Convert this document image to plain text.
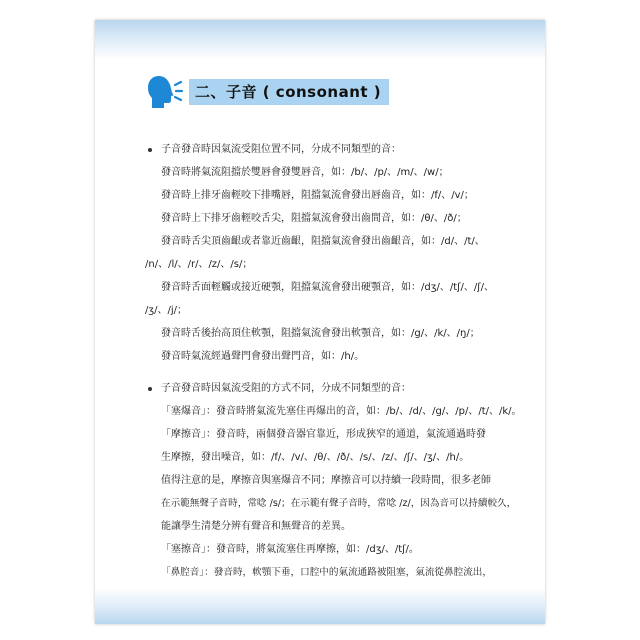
二、子音 ( consonant )
子音發音時因氣流受阻位置不同，分成不同類型的音：
發音時將氣流阻擋於雙唇會發雙唇音，如：/b/、/p/、/m/、/w/；
發音時上排牙齒輕咬下排嘴唇，阻擋氣流會發出唇齒音，如：/f/、/v/；
發音時上下排牙齒輕咬舌尖，阻擋氣流會發出齒間音，如：/θ/、/ð/；
發音時舌尖頂齒齦或者靠近齒齦，阻擋氣流會發出齒齦音，如：/d/、/t/、
/n/、/l/、/r/、/z/、/s/；
發音時舌面輕觸或接近硬顎，阻擋氣流會發出硬顎音，如：/dʒ/、/tʃ/、/ʃ/、
/ʒ/、/j/；
發音時舌後抬高頂住軟顎，阻擋氣流會發出軟顎音，如：/g/、/k/、/ŋ/；
發音時氣流經過聲門會發出聲門音，如：/h/。
子音發音時因氣流受阻的方式不同，分成不同類型的音：
「塞爆音」：發音時將氣流先塞住再爆出的音，如：/b/、/d/、/g/、/p/、/t/、/k/。
「摩擦音」：發音時，兩個發音器官靠近，形成狹窄的通道，氣流通過時發
生摩擦，發出噪音，如：/f/、/v/、/θ/、/ð/、/s/、/z/、/ʃ/、/ʒ/、/h/。
值得注意的是，摩擦音與塞爆音不同；摩擦音可以持續一段時間，很多老師
在示範無聲子音時，常唸 /s/；在示範有聲子音時，常唸 /z/，因為音可以持續較久，
能讓學生清楚分辨有聲音和無聲音的差異。
「塞擦音」：發音時，將氣流塞住再摩擦，如：/dʒ/、/tʃ/。
「鼻腔音」：發音時，軟顎下垂，口腔中的氣流通路被阻塞，氣流從鼻腔流出，
